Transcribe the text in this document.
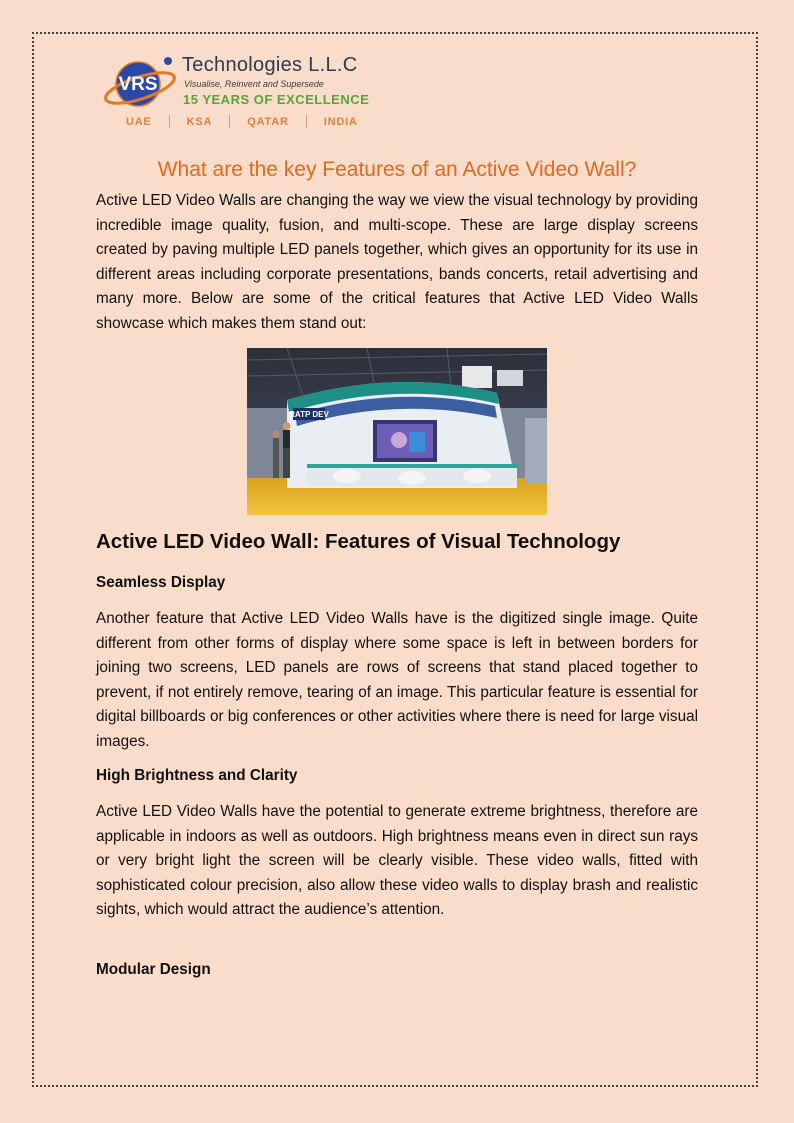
VRS
Technologies L.L.C
Visualise, Reinvent and Supersede
15 YEARS OF EXCELLENCE
UAE	KSA	QATAR	INDIA
What are the key Features of an Active Video Wall?

Active LED Video Walls are changing the way we view the visual technology by providing incredible image quality, fusion, and multi-scope. These are large display screens created by paving multiple LED panels together, which gives an opportunity for its use in different areas including corporate presentations, bands concerts, retail advertising and many more. Below are some of the critical features that Active LED Video Walls showcase which makes them stand out:

RATP DEV
Active LED Video Wall: Features of Visual Technology
Seamless Display

Another feature that Active LED Video Walls have is the digitized single image. Quite different from other forms of display where some space is left in between borders for joining two screens, LED panels are rows of screens that stand placed together to prevent, if not entirely remove, tearing of an image. This particular feature is essential for digital billboards or big conferences or other activities where there is need for large visual images.

High Brightness and Clarity

Active LED Video Walls have the potential to generate extreme brightness, therefore are applicable in indoors as well as outdoors. High brightness means even in direct sun rays or very bright light the screen will be clearly visible. These video walls, fitted with sophisticated colour precision, also allow these video walls to display brash and realistic sights, which would attract the audience’s attention.

Modular Design
